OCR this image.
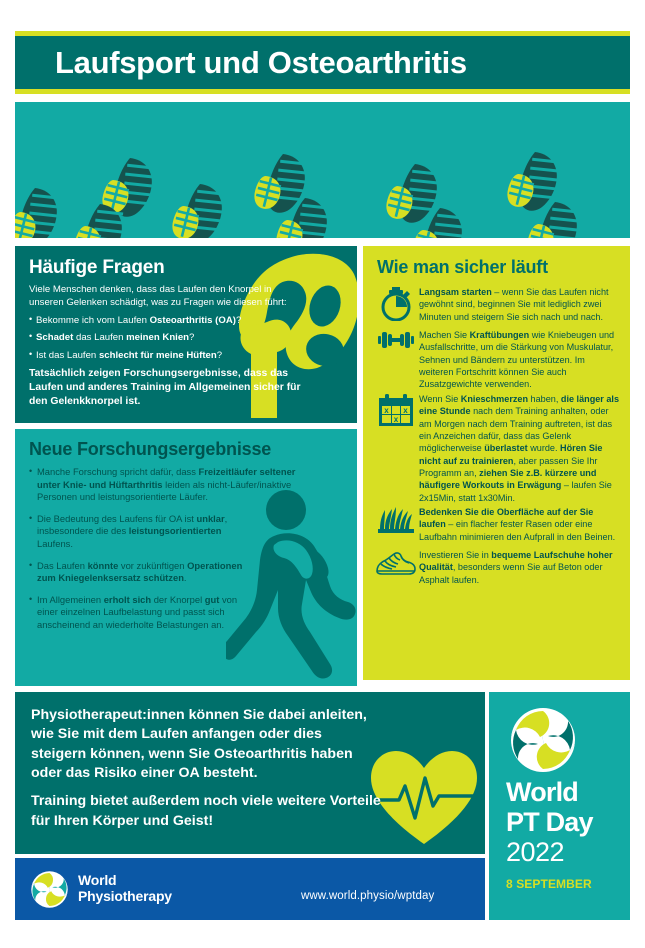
Laufsport und Osteoarthritis
Häufige Fragen

Viele Menschen denken, dass das Laufen den Knorpel in unseren Gelenken schädigt, was zu Fragen wie diesen führt:

• Bekomme ich vom Laufen Osteoarthritis (OA)?
• Schadet das Laufen meinen Knien?
• Ist das Laufen schlecht für meine Hüften?

Tatsächlich zeigen Forschungsergebnisse, dass das Laufen und anderes Training im Allgemeinen sicher für den Gelenkknorpel ist.

Neue Forschungsergebnisse
• Manche Forschung spricht dafür, dass Freizeitläufer seltener unter Knie- und Hüftarthritis leiden als nicht-Läufer/inaktive Personen und leistungsorientierte Läufer.
• Die Bedeutung des Laufens für OA ist unklar, insbesondere die des leistungsorientierten Laufens.
• Das Laufen könnte vor zukünftigen Operationen zum Kniegelenksersatz schützen.
• Im Allgemeinen erholt sich der Knorpel gut von einer einzelnen Laufbelastung und passt sich anscheinend an wiederholte Belastungen an.
Wie man sicher läuft
Langsam starten – wenn Sie das Laufen nicht gewöhnt sind, beginnen Sie mit lediglich zwei Minuten und steigern Sie sich nach und nach.
Machen Sie Kraftübungen wie Kniebeugen und Ausfallschritte, um die Stärkung von Muskulatur, Sehnen und Bändern zu unterstützen. Im weiteren Fortschritt können Sie auch Zusatzgewichte verwenden.
x x
x
Wenn Sie Knieschmerzen haben, die länger als eine Stunde nach dem Training anhalten, oder am Morgen nach dem Training auftreten, ist das ein Anzeichen dafür, dass das Gelenk möglicherweise überlastet wurde. Hören Sie nicht auf zu trainieren, aber passen Sie Ihr Programm an, ziehen Sie z.B. kürzere und häufigere Workouts in Erwägung – laufen Sie 2x15Min, statt 1x30Min.
Bedenken Sie die Oberfläche auf der Sie laufen – ein flacher fester Rasen oder eine Laufbahn minimieren den Aufprall in den Beinen.
Investieren Sie in bequeme Laufschuhe hoher Qualität, besonders wenn Sie auf Beton oder Asphalt laufen.

Physiotherapeut:innen können Sie dabei anleiten, wie Sie mit dem Laufen anfangen oder dies steigern können, wenn Sie Osteoarthritis haben oder das Risiko einer OA besteht.

Training bietet außerdem noch viele weitere Vorteile für Ihren Körper und Geist!

World
PT Day
2022
8 SEPTEMBER
World
Physiotherapy	www.world.physio/wptday
